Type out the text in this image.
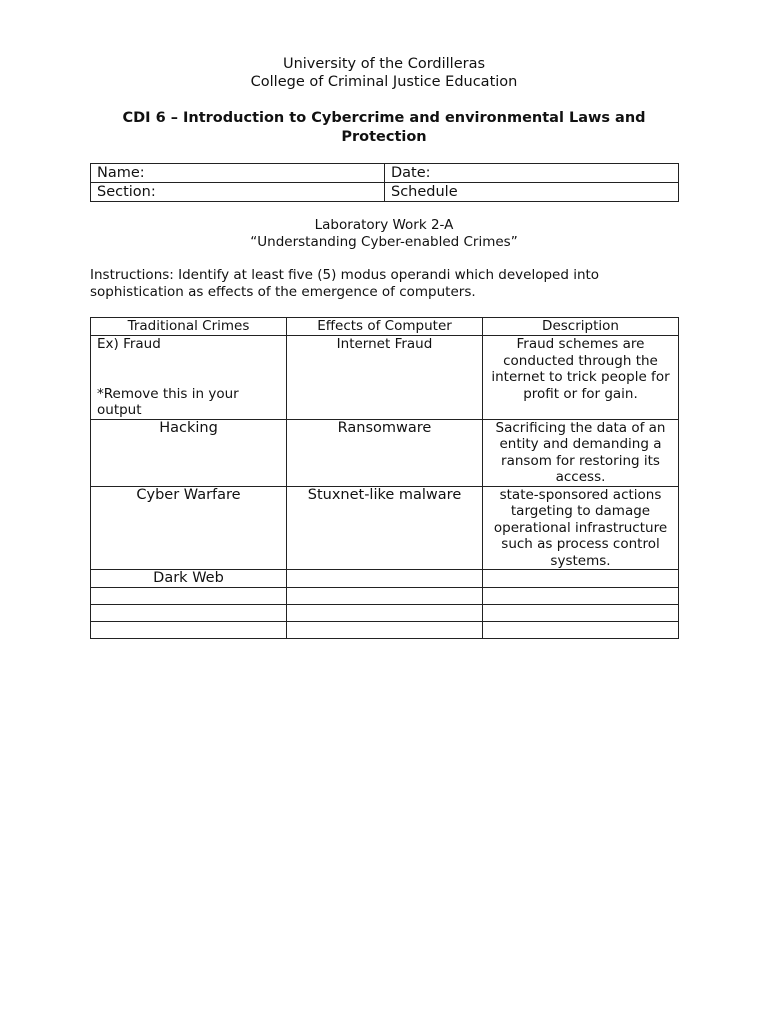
University of the Cordilleras
College of Criminal Justice Education
CDI 6 – Introduction to Cybercrime and environmental Laws and Protection
Name:	Date:
Section:	Schedule
Laboratory Work 2-A
“Understanding Cyber-enabled Crimes”
Instructions: Identify at least five (5) modus operandi which developed into sophistication as effects of the emergence of computers.
Traditional Crimes	Effects of Computer	Description

Ex) Fraud
*Remove this in your output	Internet Fraud	Fraud schemes are conducted through the internet to trick people for profit or for gain.
Hacking	Ransomware	Sacrificing the data of an entity and demanding a ransom for restoring its access.
Cyber Warfare	Stuxnet-like malware	state-sponsored actions targeting to damage operational infrastructure such as process control systems.
Dark Web		
